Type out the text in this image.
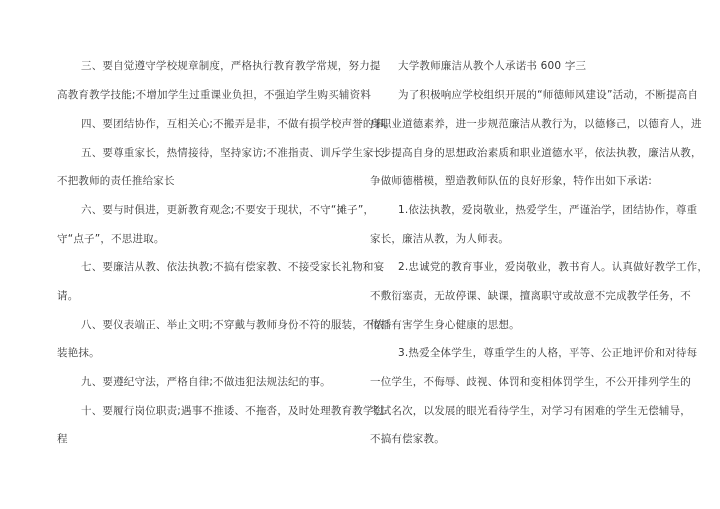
三、要自觉遵守学校规章制度，严格执行教育教学常规，努力提
高教育教学技能;不增加学生过重课业负担，不强迫学生购买辅资料
四、要团结协作，互相关心;不搬弄是非，不做有损学校声誉的事。
五、要尊重家长，热情接待，坚持家访;不准指责、训斥学生家长;
不把教师的责任推给家长
六、要与时俱进，更新教育观念;不要安于现状，不守“摊子”，
守“点子”，不思进取。
七、要廉洁从教、依法执教;不搞有偿家教、不接受家长礼物和宴
请。
八、要仪表端正、举止文明;不穿戴与教师身份不符的服装，不浓
装艳抹。
九、要遵纪守法，严格自律;不做违犯法规法纪的事。
十、要履行岗位职责;遇事不推诿、不拖沓，及时处理教育教学过
程
大学教师廉洁从教个人承诺书 600 字三
为了积极响应学校组织开展的“师德师风建设”活动，不断提高自
身职业道德素养，进一步规范廉洁从教行为，以德修己，以德育人，进
一步提高自身的思想政治素质和职业道德水平，依法执教，廉洁从教，
争做师德楷模，塑造教师队伍的良好形象，特作出如下承诺:
1.依法执教，爱岗敬业，热爱学生，严谨治学，团结协作，尊重
家长，廉洁从教，为人师表。
2.忠诚党的教育事业，爱岗敬业，教书育人。认真做好教学工作，
不敷衍塞责，无故停课、缺课，擅离职守或故意不完成教学任务，不
传播有害学生身心健康的思想。
3.热爱全体学生，尊重学生的人格，平等、公正地评价和对待每
一位学生，不侮辱、歧视、体罚和变相体罚学生，不公开排列学生的
考试名次，以发展的眼光看待学生，对学习有困难的学生无偿辅导，
不搞有偿家教。
